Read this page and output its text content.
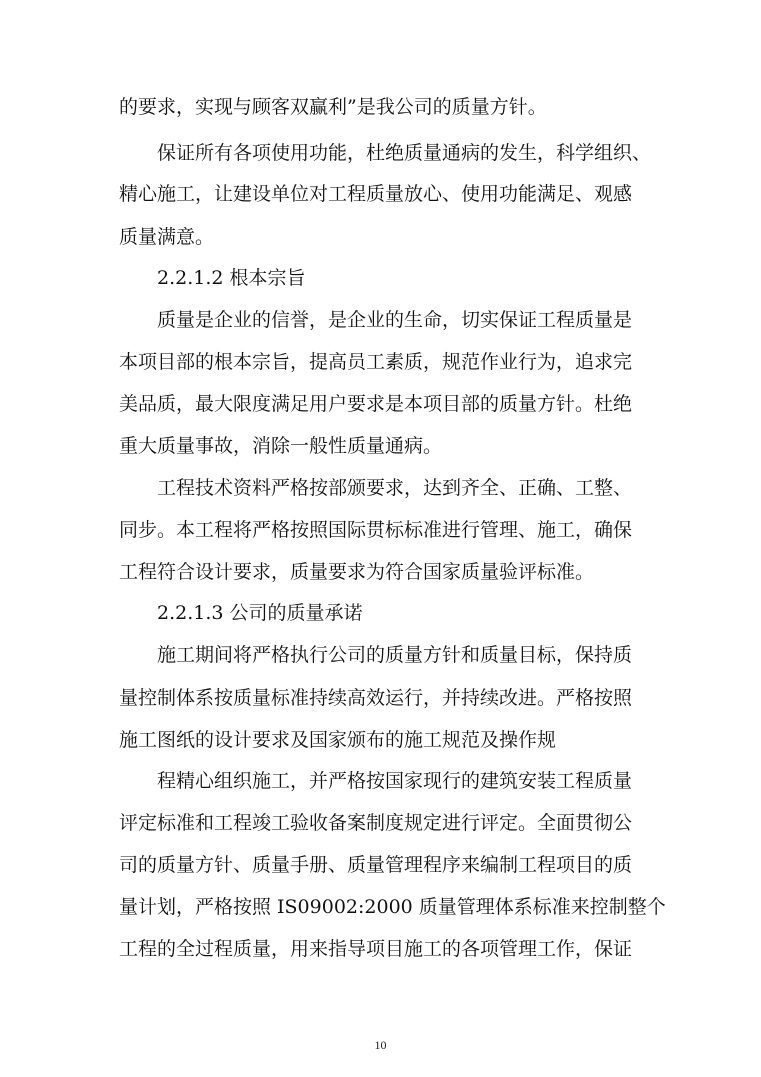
的要求，实现与顾客双赢利”是我公司的质量方针。
保证所有各项使用功能，杜绝质量通病的发生，科学组织、
精心施工，让建设单位对工程质量放心、使用功能满足、观感
质量满意。
2.2.1.2 根本宗旨
质量是企业的信誉，是企业的生命，切实保证工程质量是
本项目部的根本宗旨，提高员工素质，规范作业行为，追求完
美品质，最大限度满足用户要求是本项目部的质量方针。杜绝
重大质量事故，消除一般性质量通病。
工程技术资料严格按部颁要求，达到齐全、正确、工整、
同步。本工程将严格按照国际贯标标准进行管理、施工，确保
工程符合设计要求，质量要求为符合国家质量验评标准。
2.2.1.3 公司的质量承诺
施工期间将严格执行公司的质量方针和质量目标，保持质
量控制体系按质量标准持续高效运行，并持续改进。严格按照
施工图纸的设计要求及国家颁布的施工规范及操作规
程精心组织施工，并严格按国家现行的建筑安装工程质量
评定标准和工程竣工验收备案制度规定进行评定。全面贯彻公
司的质量方针、质量手册、质量管理程序来编制工程项目的质
量计划，严格按照 IS09002:2000 质量管理体系标准来控制整个
工程的全过程质量，用来指导项目施工的各项管理工作，保证
10
